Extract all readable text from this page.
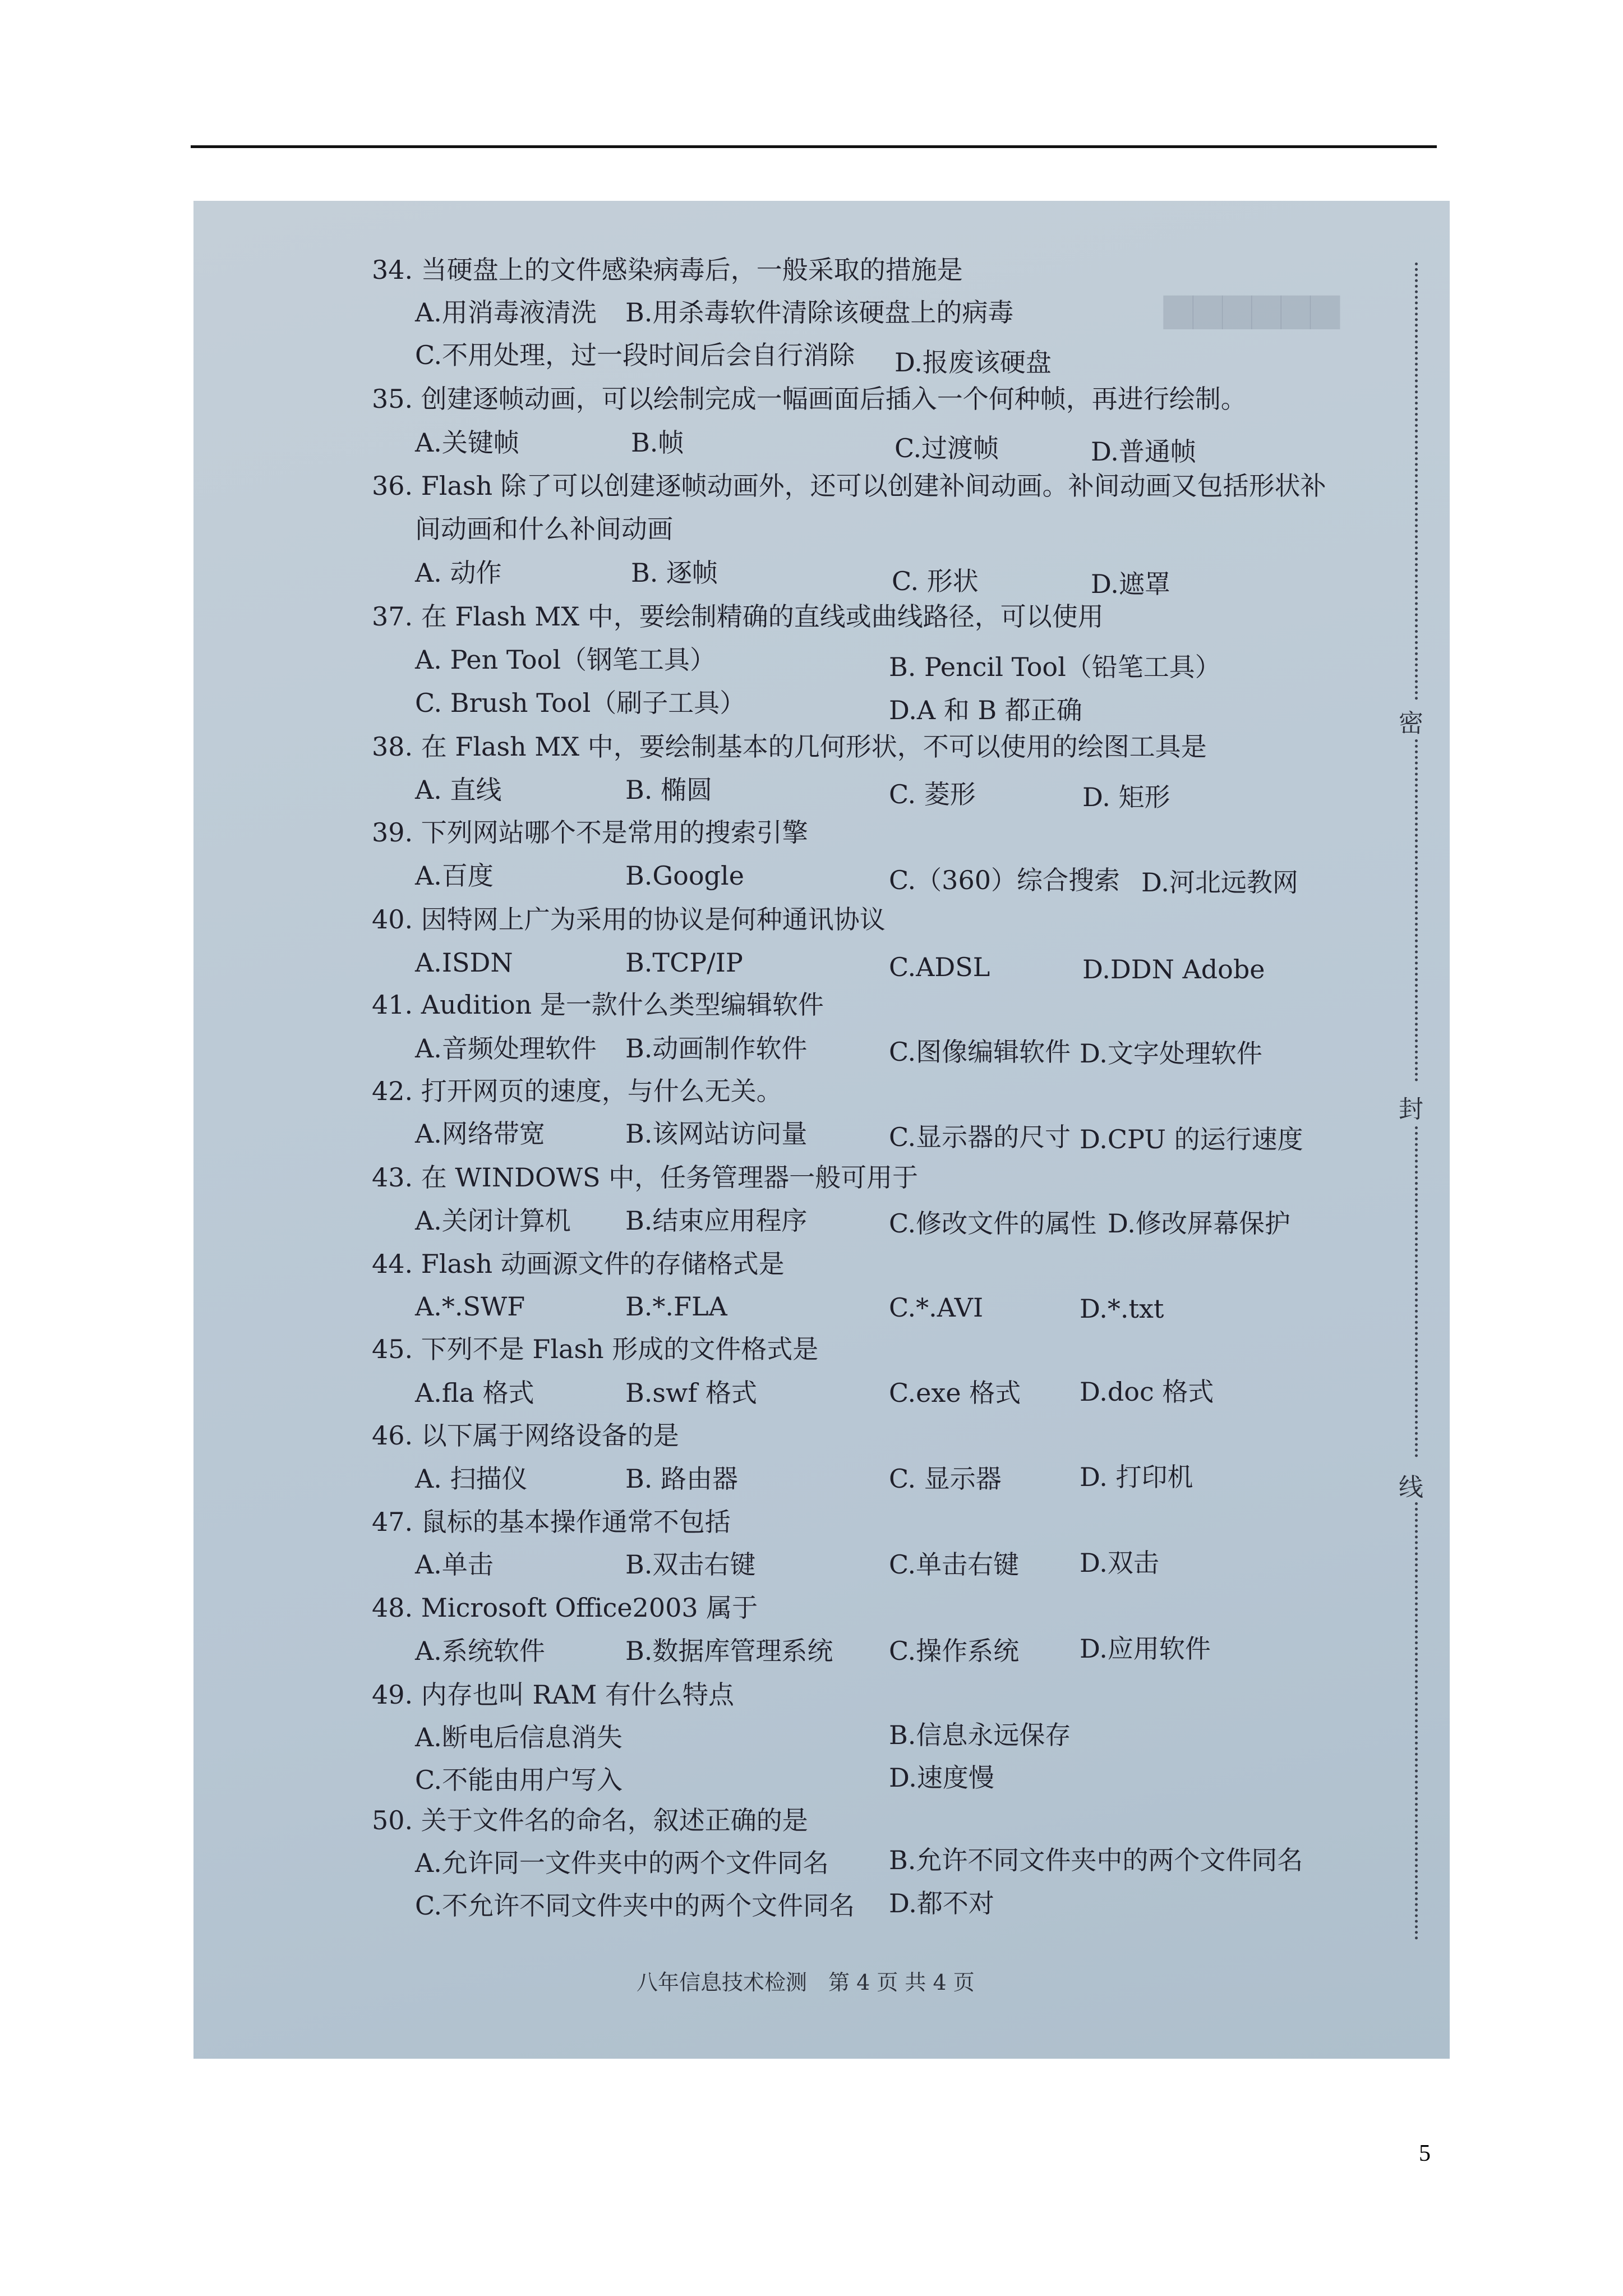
▆▆▆▆▆▆
34. 当硬盘上的文件感染病毒后，一般采取的措施是
A.用消毒液清洗 B.用杀毒软件清除该硬盘上的病毒
C.不用处理，过一段时间后会自行消除 D.报废该硬盘
35. 创建逐帧动画，可以绘制完成一幅画面后插入一个何种帧，再进行绘制。
A.关键帧	B.帧	C.过渡帧	D.普通帧
36. Flash 除了可以创建逐帧动画外，还可以创建补间动画。补间动画又包括形状补
间动画和什么补间动画
A. 动作	B. 逐帧	C. 形状	D.遮罩
37. 在 Flash MX 中，要绘制精确的直线或曲线路径，可以使用
A. Pen Tool（钢笔工具）	B. Pencil Tool（铅笔工具）
C. Brush Tool（刷子工具）	D.A 和 B 都正确
38. 在 Flash MX 中，要绘制基本的几何形状，不可以使用的绘图工具是
A. 直线	B. 椭圆	C. 菱形	D. 矩形
39. 下列网站哪个不是常用的搜索引擎
A.百度	B.Google	C.（360）综合搜索 D.河北远教网
40. 因特网上广为采用的协议是何种通讯协议
A.ISDN	B.TCP/IP	C.ADSL	D.DDN Adobe
41. Audition 是一款什么类型编辑软件
A.音频处理软件 B.动画制作软件	C.图像编辑软件 D.文字处理软件
42. 打开网页的速度，与什么无关。
A.网络带宽	B.该网站访问量	C.显示器的尺寸 D.CPU 的运行速度
43. 在 WINDOWS 中，任务管理器一般可用于
A.关闭计算机 B.结束应用程序	C.修改文件的属性 D.修改屏幕保护
44. Flash 动画源文件的存储格式是
A.*.SWF	B.*.FLA	C.*.AVI	D.*.txt
45. 下列不是 Flash 形成的文件格式是
A.fla 格式	B.swf 格式	C.exe 格式 D.doc 格式
46. 以下属于网络设备的是
A. 扫描仪	B. 路由器	C. 显示器	D. 打印机
47. 鼠标的基本操作通常不包括
A.单击	B.双击右键	C.单击右键 D.双击
48. Microsoft Office2003 属于
A.系统软件	B.数据库管理系统 C.操作系统 D.应用软件
49. 内存也叫 RAM 有什么特点
A.断电后信息消失	B.信息永远保存
C.不能由用户写入	D.速度慢
50. 关于文件名的命名，叙述正确的是
A.允许同一文件夹中的两个文件同名 B.允许不同文件夹中的两个文件同名
C.不允许不同文件夹中的两个文件同名 D.都不对
密
封
线
八年信息技术检测　第 4 页 共 4 页
5
